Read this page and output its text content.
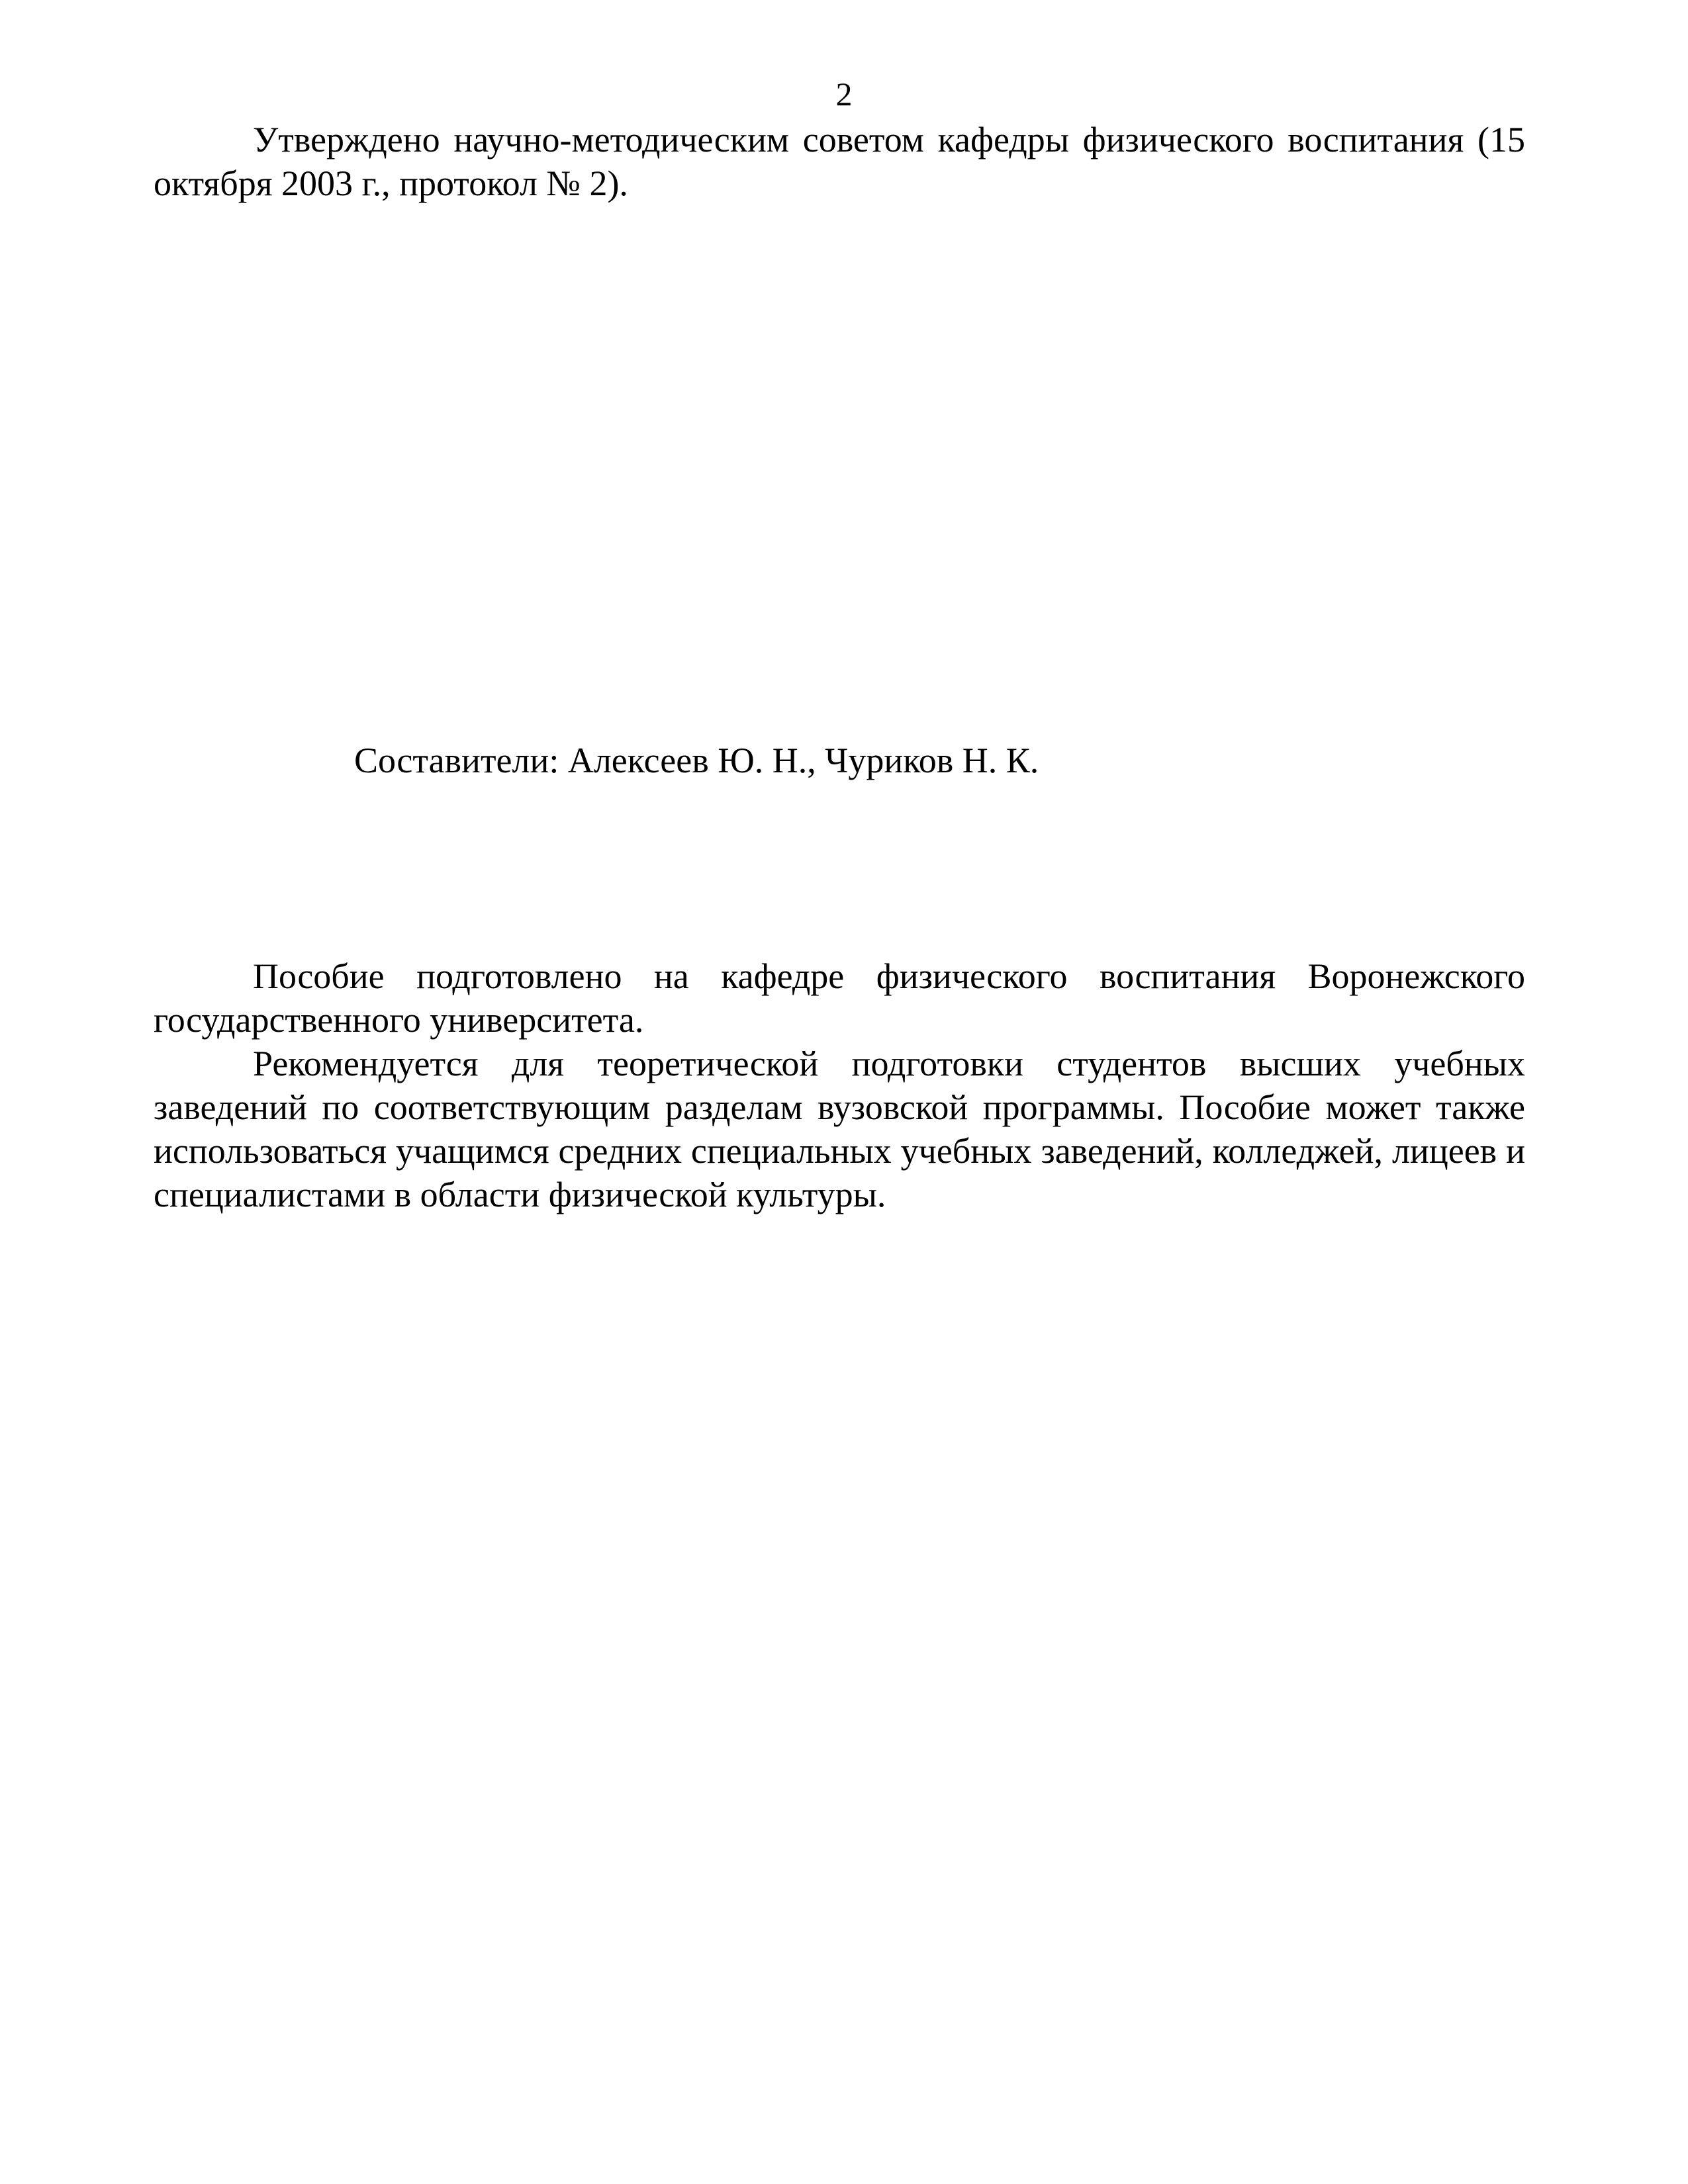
2

Утверждено научно-методическим советом кафедры физического воспитания (15 октября 2003 г., протокол № 2).

Составители: Алексеев Ю. Н., Чуриков Н. К.

Пособие подготовлено на кафедре физического воспитания Воронежского государственного университета.

Рекомендуется для теоретической подготовки студентов высших учебных заведений по соответствующим разделам вузовской программы. Пособие может также использоваться учащимся средних специальных учебных заведений, колледжей, лицеев и специалистами в области физической культуры.
